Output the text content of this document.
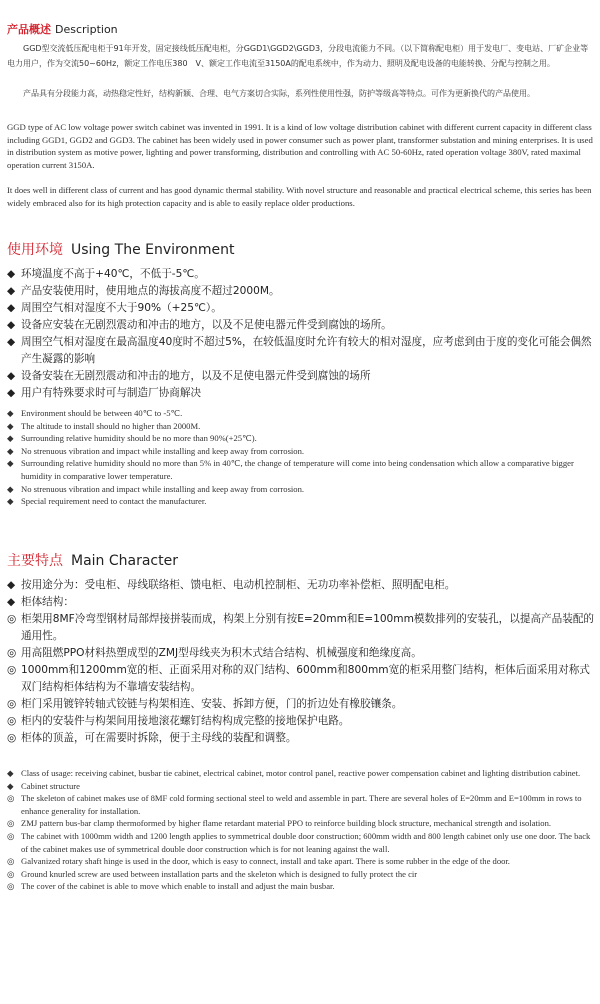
产品概述 Description
GGD型交流低压配电柜于91年开发，固定接线低压配电柜，分GGD1\GGD2\GGD3，分段电流能力不同。（以下简称配电柜）用于发电厂、变电站、厂矿企业等电力用户，作为交流50~60Hz，额定工作电压380　V、额定工作电流至3150A的配电系统中，作为动力、照明及配电设备的电能转换、分配与控制之用。
产品具有分段能力高，动热稳定性好，结构新颖、合理、电气方案切合实际，系列性使用性强，防护等级高等特点。可作为更新换代的产品使用。
GGD type of AC low voltage power switch cabinet was invented in 1991. It is a kind of low voltage distribution cabinet with different current capacity in different class including GGD1, GGD2 and GGD3. The cabinet has been widely used in power consumer such as power plant, transformer substation and mining enterprises. It is used in distribution system as motive power, lighting and power transforming, distribution and controlling with AC 50-60Hz, rated operation voltage 380V, rated maximal operation current 3150A.
It does well in different class of current and has good dynamic thermal stability. With novel structure and reasonable and practical electrical scheme, this series has been widely embraced also for its high protection capacity and is able to easily replace older productions.
使用环境 Using The Environment
◆ 环境温度不高于+40℃，不低于-5℃。
◆ 产品安装使用时，使用地点的海拔高度不超过2000M。
◆ 周围空气相对湿度不大于90%（+25℃）。
◆ 设备应安装在无剧烈震动和冲击的地方，以及不足使电器元件受到腐蚀的场所。
◆ 周围空气相对湿度在最高温度40度时不超过5%，在较低温度时允许有较大的相对湿度，应考虑到由于度的变化可能会偶然产生凝露的影响
◆ 设备安装在无剧烈震动和冲击的地方，以及不足使电器元件受到腐蚀的场所
◆ 用户有特殊要求时可与制造厂协商解决
◆ Environment should be between 40℃ to -5℃.
◆ The altitude to install should no higher than 2000M.
◆ Surrounding relative humidity should be no more than 90%(+25℃).
◆ No strenuous vibration and impact while installing and keep away from corrosion.
◆ Surrounding relative humidity should no more than 5% in 40℃, the change of temperature will come into being condensation which allow a comparative bigger humidity in comparative lower temperature.
◆ No strenuous vibration and impact while installing and keep away from corrosion.
◆ Special requirement need to contact the manufacturer.
主要特点 Main Character
◆ 按用途分为：受电柜、母线联络柜、馈电柜、电动机控制柜、无功功率补偿柜、照明配电柜。
◆ 柜体结构：
◎ 柜架用8MF冷弯型钢材局部焊接拼装而成，构架上分别有按E=20mm和E=100mm模数排列的安装孔，以提高产品装配的通用性。
◎ 用高阻燃PPO材料热塑成型的ZMJ型母线夹为积木式结合结构、机械强度和绝缘度高。
◎ 1000mm和1200mm宽的柜、正面采用对称的双门结构、600mm和800mm宽的柜采用整门结构，柜体后面采用对称式双门结构柜体结构为不靠墙安装结构。
◎ 柜门采用镀锌转轴式铰链与构架相连、安装、拆卸方便，门的折边处有橡胶镶条。
◎ 柜内的安装件与构架间用接地滚花螺钉结构构成完整的接地保护电路。
◎ 柜体的顶盖，可在需要时拆除，便于主母线的装配和调整。
◆ Class of usage: receiving cabinet, busbar tie cabinet, electrical cabinet, motor control panel, reactive power compensation cabinet and lighting distribution cabinet.
◆ Cabinet structure
◎ The skeleton of cabinet makes use of 8MF cold forming sectional steel to weld and assemble in part. There are several holes of E=20mm and E=100mm in rows to enhance generality for installation.
◎ ZMJ pattern bus-bar clamp thermoformed by higher flame retardant material PPO to reinforce building block structure, mechanical strength and isolation.
◎ The cabinet with 1000mm width and 1200 length applies to symmetrical double door construction; 600mm width and 800 length cabinet only use one door. The back of the cabinet makes use of symmetrical double door construction which is for not leaning against the wall.
◎ Galvanized rotary shaft hinge is used in the door, which is easy to connect, install and take apart. There is some rubber in the edge of the door.
◎ Ground knurled screw are used between installation parts and the skeleton which is designed to fully protect the cir
◎ The cover of the cabinet is able to move which enable to install and adjust the main busbar.
